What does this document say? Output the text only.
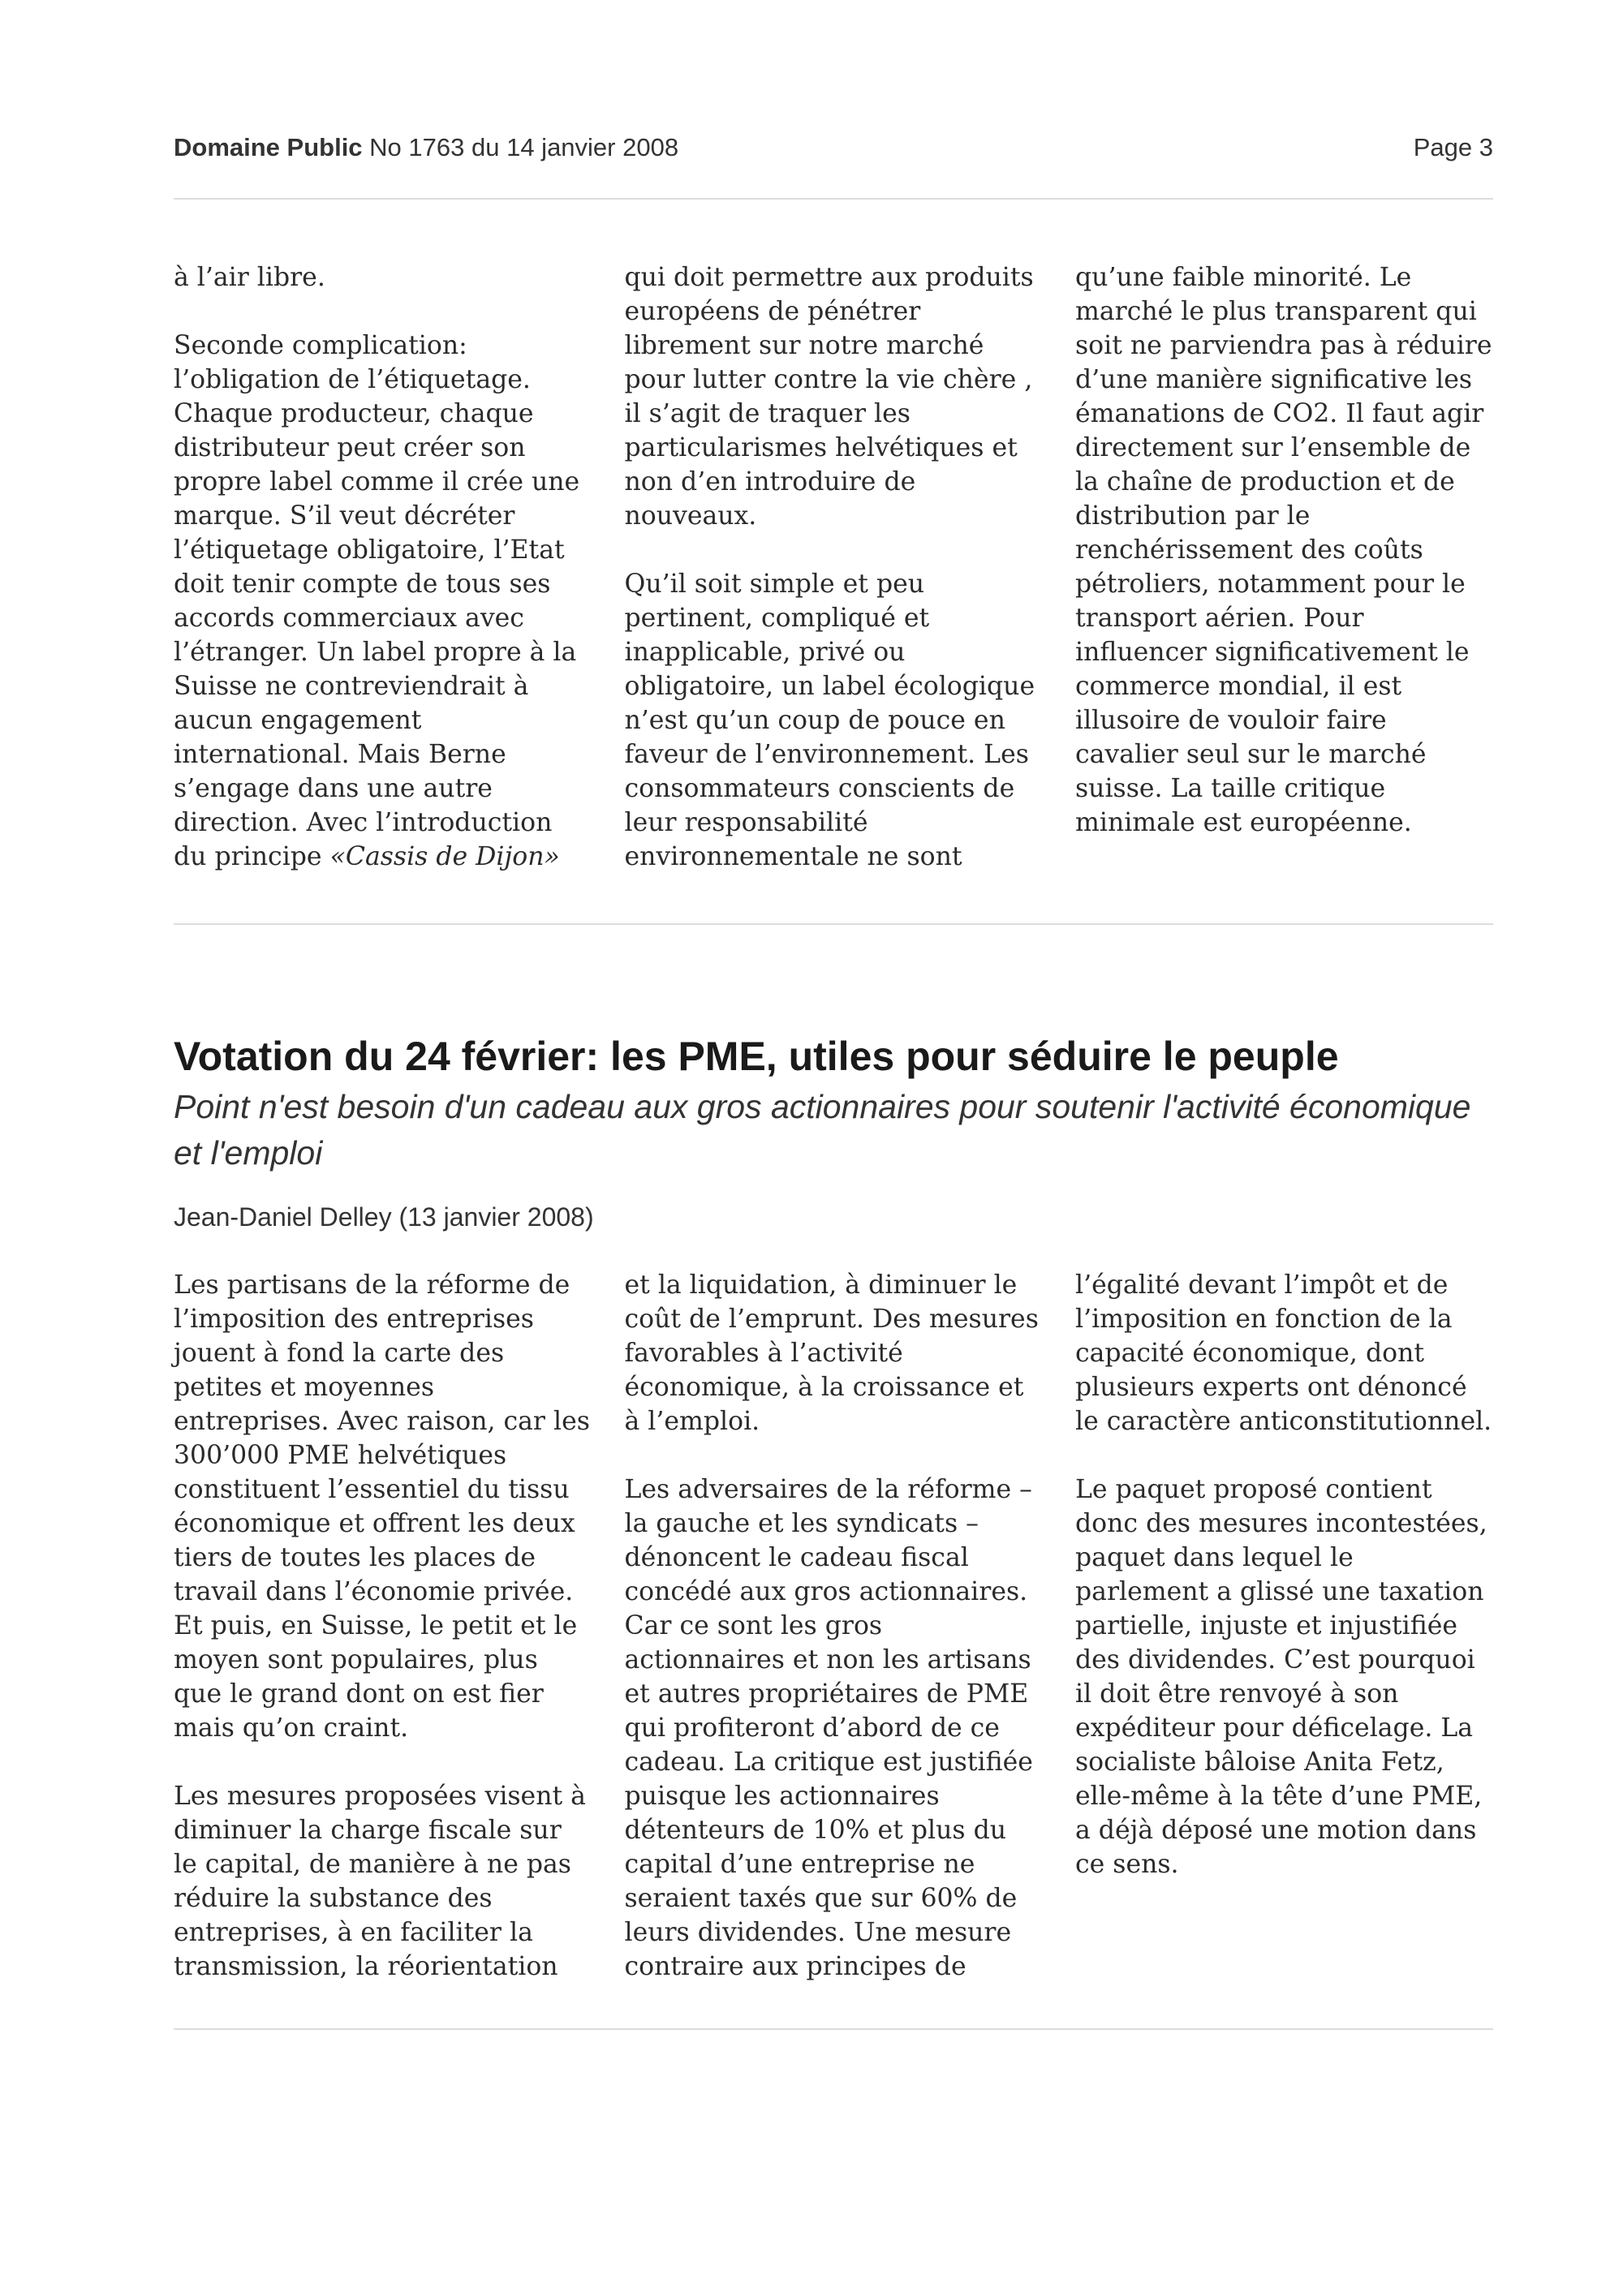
Domaine Public No 1763 du 14 janvier 2008	Page 3

à l’air libre.

Seconde complication: l’obligation de l’étiquetage. Chaque producteur, chaque distributeur peut créer son propre label comme il crée une marque. S’il veut décréter l’étiquetage obligatoire, l’Etat doit tenir compte de tous ses accords commerciaux avec l’étranger. Un label propre à la Suisse ne contreviendrait à aucun engagement international. Mais Berne s’engage dans une autre direction. Avec l’introduction du principe «Cassis de Dijon»

qui doit permettre aux produits européens de pénétrer librement sur notre marché pour lutter contre la vie chère , il s’agit de traquer les particularismes helvétiques et non d’en introduire de nouveaux.

Qu’il soit simple et peu pertinent, compliqué et inapplicable, privé ou obligatoire, un label écologique n’est qu’un coup de pouce en faveur de l’environnement. Les consommateurs conscients de leur responsabilité environnementale ne sont

qu’une faible minorité. Le marché le plus transparent qui soit ne parviendra pas à réduire d’une manière significative les émanations de CO2. Il faut agir directement sur l’ensemble de la chaîne de production et de distribution par le renchérissement des coûts pétroliers, notamment pour le transport aérien. Pour influencer significativement le commerce mondial, il est illusoire de vouloir faire cavalier seul sur le marché suisse. La taille critique minimale est européenne.

Votation du 24 février: les PME, utiles pour séduire le peuple

Point n'est besoin d'un cadeau aux gros actionnaires pour soutenir l'activité économique et l'emploi

Jean-Daniel Delley (13 janvier 2008)

Les partisans de la réforme de l’imposition des entreprises jouent à fond la carte des petites et moyennes entreprises. Avec raison, car les 300’000 PME helvétiques constituent l’essentiel du tissu économique et offrent les deux tiers de toutes les places de travail dans l’économie privée. Et puis, en Suisse, le petit et le moyen sont populaires, plus que le grand dont on est fier mais qu’on craint.

Les mesures proposées visent à diminuer la charge fiscale sur le capital, de manière à ne pas réduire la substance des entreprises, à en faciliter la transmission, la réorientation

et la liquidation, à diminuer le coût de l’emprunt. Des mesures favorables à l’activité économique, à la croissance et à l’emploi.

Les adversaires de la réforme – la gauche et les syndicats – dénoncent le cadeau fiscal concédé aux gros actionnaires. Car ce sont les gros actionnaires et non les artisans et autres propriétaires de PME qui profiteront d’abord de ce cadeau. La critique est justifiée puisque les actionnaires détenteurs de 10% et plus du capital d’une entreprise ne seraient taxés que sur 60% de leurs dividendes. Une mesure contraire aux principes de

l’égalité devant l’impôt et de l’imposition en fonction de la capacité économique, dont plusieurs experts ont dénoncé le caractère anticonstitutionnel.

Le paquet proposé contient donc des mesures incontestées, paquet dans lequel le parlement a glissé une taxation partielle, injuste et injustifiée des dividendes. C’est pourquoi il doit être renvoyé à son expéditeur pour déficelage. La socialiste bâloise Anita Fetz, elle-même à la tête d’une PME, a déjà déposé une motion dans ce sens.
